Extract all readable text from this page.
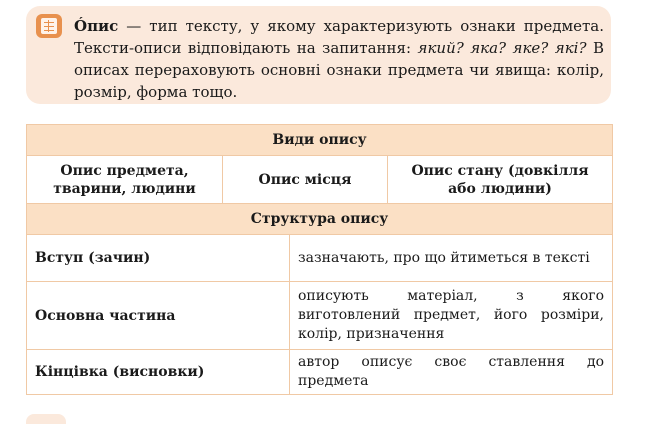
Óпис — тип тексту, у якому характеризують ознаки предмета. Тексти-описи відповідають на запитання: який? яка? яке? які? В описах перераховують основні ознаки предмета чи явища: колір, розмір, форма тощо.
Види опису			
Опис предмета, тварини, людини	Опис місця		Опис стану (довкілля або людини)
Структура опису			
Вступ (зачин)		зазначають, про що йтиметься в тексті	
Основна частина		описують матеріал, з якого виготовлений предмет, його розміри, колір, призначення	
Кінцівка (висновки)		автор описує своє ставлення до предмета	
